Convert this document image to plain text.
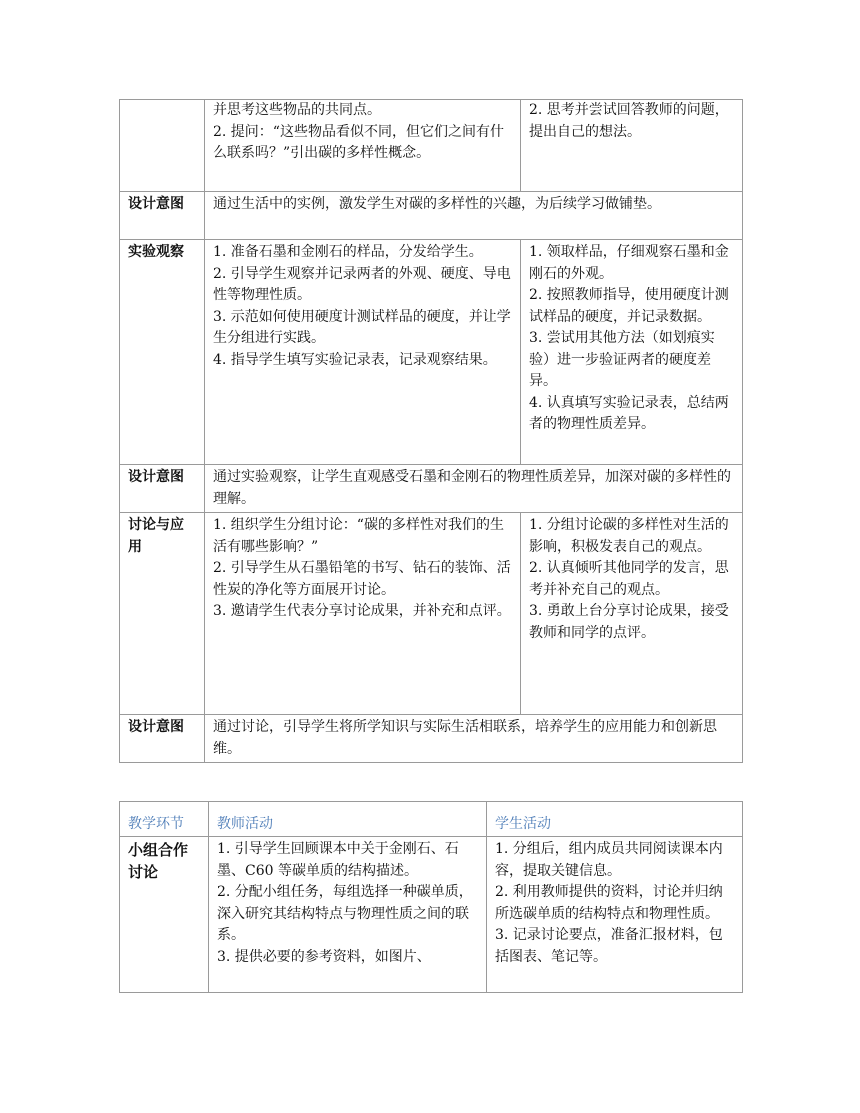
	并思考这些物品的共同点。
2. 提问：“这些物品看似不同，但它们之间有什么联系吗？”引出碳的多样性概念。	2. 思考并尝试回答教师的问题，提出自己的想法。

设计意图	通过生活中的实例，激发学生对碳的多样性的兴趣，为后续学习做铺垫。	
实验观察	1. 准备石墨和金刚石的样品，分发给学生。
2. 引导学生观察并记录两者的外观、硬度、导电性等物理性质。
3. 示范如何使用硬度计测试样品的硬度，并让学生分组进行实践。
4. 指导学生填写实验记录表，记录观察结果。	1. 领取样品，仔细观察石墨和金刚石的外观。
2. 按照教师指导，使用硬度计测试样品的硬度，并记录数据。
3. 尝试用其他方法（如划痕实验）进一步验证两者的硬度差异。
4. 认真填写实验记录表，总结两者的物理性质差异。

设计意图	通过实验观察，让学生直观感受石墨和金刚石的物理性质差异，加深对碳的多样性的理解。	
讨论与应用	1. 组织学生分组讨论：“碳的多样性对我们的生活有哪些影响？”
2. 引导学生从石墨铅笔的书写、钻石的装饰、活性炭的净化等方面展开讨论。
3. 邀请学生代表分享讨论成果，并补充和点评。	1. 分组讨论碳的多样性对生活的影响，积极发表自己的观点。
2. 认真倾听其他同学的发言，思考并补充自己的观点。
3. 勇敢上台分享讨论成果，接受教师和同学的点评。

设计意图	通过讨论，引导学生将所学知识与实际生活相联系，培养学生的应用能力和创新思维。	
教学环节	教师活动	学生活动
小组合作讨论	1. 引导学生回顾课本中关于金刚石、石墨、C60 等碳单质的结构描述。
2. 分配小组任务，每组选择一种碳单质，深入研究其结构特点与物理性质之间的联系。
3. 提供必要的参考资料，如图片、	1. 分组后，组内成员共同阅读课本内容，提取关键信息。
2. 利用教师提供的资料，讨论并归纳所选碳单质的结构特点和物理性质。
3. 记录讨论要点，准备汇报材料，包括图表、笔记等。
